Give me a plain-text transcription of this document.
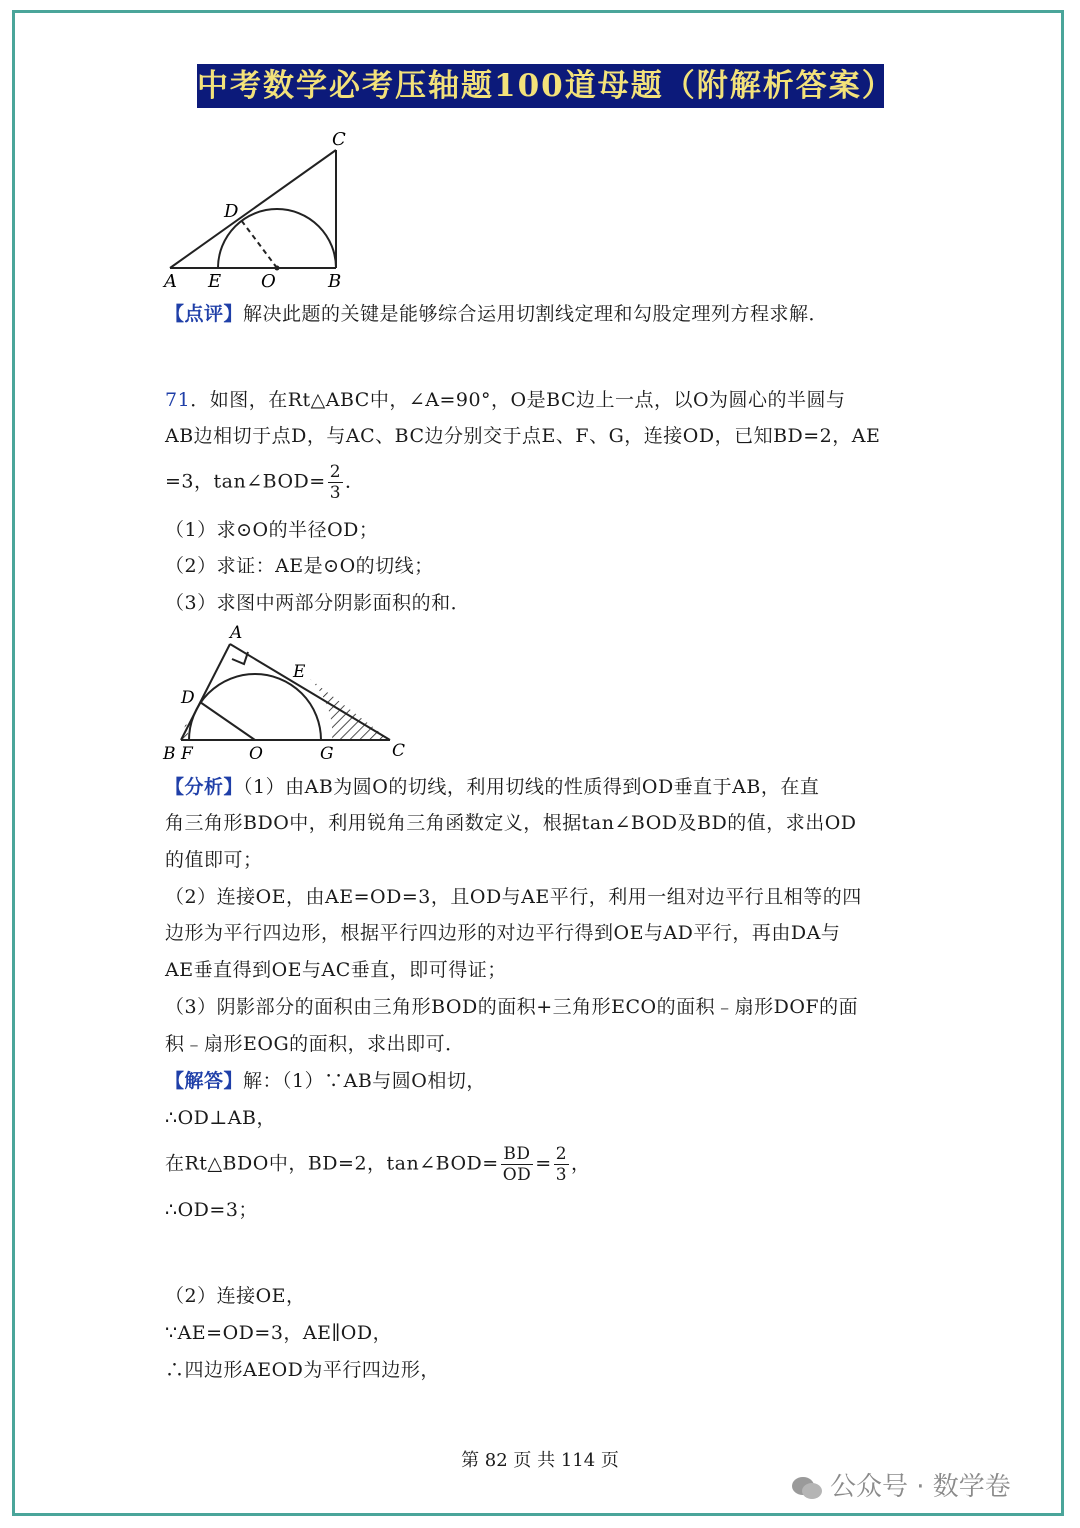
中考数学必考压轴题100道母题（附解析答案）
C
D
A E O	B
【点评】解决此题的关键是能够综合运用切割线定理和勾股定理列方程求解．
71．如图，在Rt△ABC中，∠A=90°，O是BC边上一点，以O为圆心的半圆与
AB边相切于点D，与AC、BC边分别交于点E、F、G，连接OD，已知BD=2，AE
=3，tan∠BOD= $\frac{2}{3}$ ．
（1）求⊙O的半径OD；
（2）求证：AE是⊙O的切线；
（3）求图中两部分阴影面积的和．
A
E
D
B F	O	G	C
【分析】（1）由AB为圆O的切线，利用切线的性质得到OD垂直于AB，在直
角三角形BDO中，利用锐角三角函数定义，根据tan∠BOD及BD的值，求出OD
的值即可；
（2）连接OE，由AE=OD=3，且OD与AE平行，利用一组对边平行且相等的四
边形为平行四边形，根据平行四边形的对边平行得到OE与AD平行，再由DA与
AE垂直得到OE与AC垂直，即可得证；
（3）阴影部分的面积由三角形BOD的面积+三角形ECO的面积﹣扇形DOF的面
积﹣扇形EOG的面积，求出即可．
【解答】解：（1）∵AB与圆O相切，
∴OD⊥AB，
在Rt△BDO中，BD=2，tan∠BOD= $\frac{BD}{OD} = \frac{2}{3}$ ，
∴OD=3；
（2）连接OE，
∵AE=OD=3，AE∥OD，
∴四边形AEOD为平行四边形，
第 82 页 共 114 页
公众号 · 数学卷
